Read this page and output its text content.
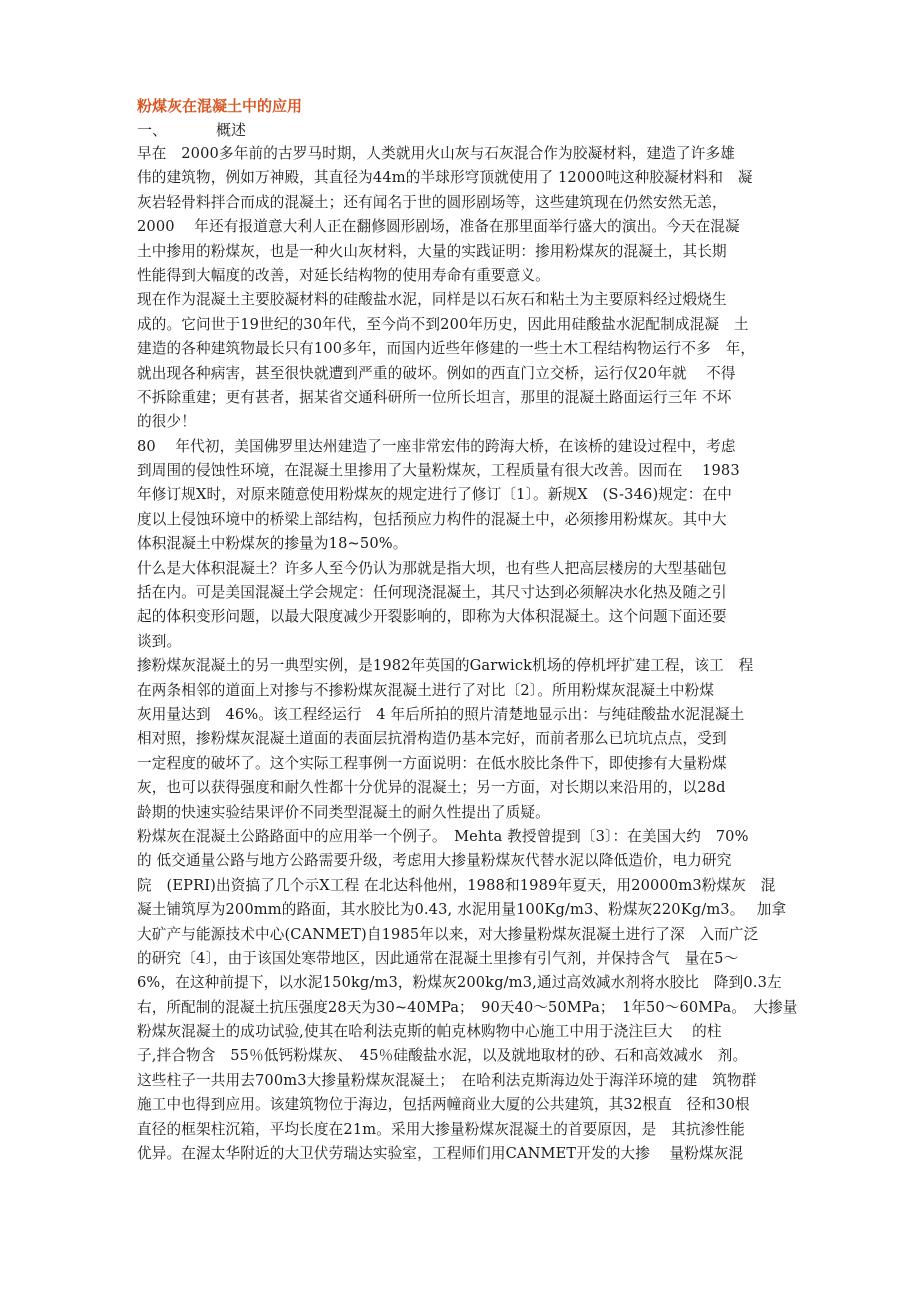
粉煤灰在混凝土中的应用
一、	概述
早在　2000多年前的古罗马时期，人类就用火山灰与石灰混合作为胶凝材料，建造了许多雄
伟的建筑物，例如万神殿，其直径为44m的半球形穹顶就使用了 12000吨这种胶凝材料和　凝
灰岩轻骨料拌合而成的混凝土；还有闻名于世的圆形剧场等，这些建筑现在仍然安然无恙，
2000　 年还有报道意大利人正在翻修圆形剧场，准备在那里面举行盛大的演出。今天在混凝
土中掺用的粉煤灰，也是一种火山灰材料，大量的实践证明：掺用粉煤灰的混凝土，其长期
性能得到大幅度的改善，对延长结构物的使用寿命有重要意义。
现在作为混凝土主要胶凝材料的硅酸盐水泥，同样是以石灰石和粘土为主要原料经过煅烧生
成的。它问世于19世纪的30年代，至今尚不到200年历史，因此用硅酸盐水泥配制成混凝　土
建造的各种建筑物最长只有100多年，而国内近些年修建的一些土木工程结构物运行不多　年，
就出现各种病害，甚至很快就遭到严重的破坏。例如的西直门立交桥，运行仅20年就　 不得
不拆除重建；更有甚者，据某省交通科研所一位所长坦言，那里的混凝土路面运行三年 不坏
的很少！
80　 年代初，美国佛罗里达州建造了一座非常宏伟的跨海大桥，在该桥的建设过程中，考虑
到周围的侵蚀性环境，在混凝土里掺用了大量粉煤灰，工程质量有很大改善。因而在　 1983
年修订规X时，对原来随意使用粉煤灰的规定进行了修订〔1〕。新规X　(S-346)规定：在中
度以上侵蚀环境中的桥梁上部结构，包括预应力构件的混凝土中，必须掺用粉煤灰。其中大
体积混凝土中粉煤灰的掺量为18~50%。
什么是大体积混凝土？许多人至今仍认为那就是指大坝，也有些人把高层楼房的大型基础包
括在内。可是美国混凝土学会规定：任何现浇混凝土，其尺寸达到必须解决水化热及随之引
起的体积变形问题，以最大限度减少开裂影响的，即称为大体积混凝土。这个问题下面还要
谈到。
掺粉煤灰混凝土的另一典型实例，是1982年英国的Garwick机场的停机坪扩建工程，该工　程
在两条相邻的道面上对掺与不掺粉煤灰混凝土进行了对比〔2〕。所用粉煤灰混凝土中粉煤
灰用量达到　46%。该工程经运行　4 年后所拍的照片清楚地显示出：与纯硅酸盐水泥混凝土
相对照，掺粉煤灰混凝土道面的表面层抗滑构造仍基本完好，而前者那么已坑坑点点，受到
一定程度的破坏了。这个实际工程事例一方面说明：在低水胶比条件下，即使掺有大量粉煤
灰，也可以获得强度和耐久性都十分优异的混凝土；另一方面，对长期以来沿用的，以28d
龄期的快速实验结果评价不同类型混凝土的耐久性提出了质疑。
粉煤灰在混凝土公路路面中的应用举一个例子。　Mehta 教授曾提到〔3〕：在美国大约　70%
的 低交通量公路与地方公路需要升级，考虑用大掺量粉煤灰代替水泥以降低造价，电力研究
院　(EPRI)出资搞了几个示X工程 在北达科他州，1988和1989年夏天，用20000m3粉煤灰　混
凝土铺筑厚为200mm的路面，其水胶比为0.43, 水泥用量100Kg/m3、粉煤灰220Kg/m3。　 加拿
大矿产与能源技术中心(CANMET)自1985年以来，对大掺量粉煤灰混凝土进行了深　入而广泛
的研究〔4〕，由于该国处寒带地区，因此通常在混凝土里掺有引气剂，并保持含气　量在5～
6%，在这种前提下，以水泥150kg/m3，粉煤灰200kg/m3,通过高效减水剂将水胶比　降到0.3左
右，所配制的混凝土抗压强度28天为30~40MPa；　90天40～50MPa；　1年50～60MPa。　大掺量
粉煤灰混凝土的成功试验,使其在哈利法克斯的帕克林购物中心施工中用于浇注巨大　 的柱
子,拌合物含　55％低钙粉煤灰、　45％硅酸盐水泥，以及就地取材的砂、石和高效减水　剂。
这些柱子一共用去700m3大掺量粉煤灰混凝土；　在哈利法克斯海边处于海洋环境的建　筑物群
施工中也得到应用。该建筑物位于海边，包括两幢商业大厦的公共建筑，其32根直　径和30根
直径的框架柱沉箱，平均长度在21m。采用大掺量粉煤灰混凝土的首要原因，是　其抗渗性能
优异。在渥太华附近的大卫伏劳瑞达实验室，工程师们用CANMET开发的大掺　 量粉煤灰混
